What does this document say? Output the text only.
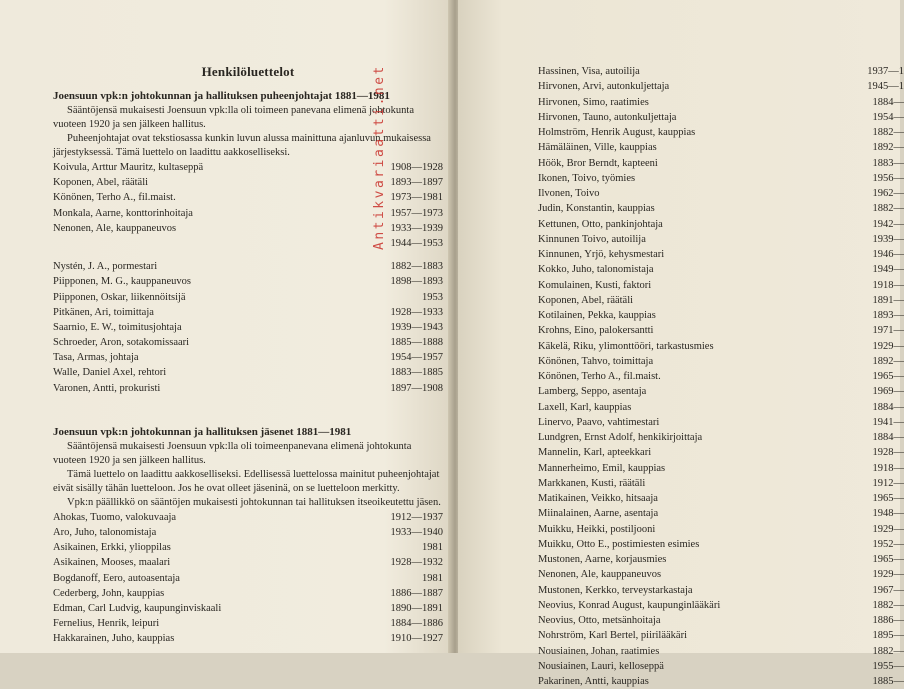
Henkilöluettelot
Joensuun vpk:n johtokunnan ja hallituksen puheenjohtajat 1881—1981

Sääntöjensä mukaisesti Joensuun vpk:lla oli toimeen panevana elimenä johtokunta vuoteen 1920 ja sen jälkeen hallitus.

Puheenjohtajat ovat tekstiosassa kunkin luvun alussa mainittuna ajanluvun mukaisessa järjestyksessä. Tämä luettelo on laadittu aakkoselliseksi.

Koivula, Arttur Mauritz, kultaseppä	1908—1928
Koponen, Abel, räätäli	1893—1897
Könönen, Terho A., fil.maist.	1973—1981
Monkala, Aarne, konttorinhoitaja	1957—1973
Nenonen, Ale, kauppaneuvos	1933—1939
1944—1953
Nystén, J. A., pormestari	1882—1883
Piipponen, M. G., kauppaneuvos	1898—1893
Piipponen, Oskar, liikennöitsijä	1953
Pitkänen, Ari, toimittaja	1928—1933
Saarnio, E. W., toimitusjohtaja	1939—1943
Schroeder, Aron, sotakomissaari	1885—1888
Tasa, Armas, johtaja	1954—1957
Walle, Daniel Axel, rehtori	1883—1885
Varonen, Antti, prokuristi	1897—1908
Joensuun vpk:n johtokunnan ja hallituksen jäsenet 1881—1981

Sääntöjensä mukaisesti Joensuun vpk:lla oli toimeenpanevana elimenä johtokunta vuoteen 1920 ja sen jälkeen hallitus.

Tämä luettelo on laadittu aakkoselliseksi. Edellisessä luettelossa mainitut puheenjohtajat eivät sisälly tähän luetteloon. Jos he ovat olleet jäseninä, on se luetteloon merkitty.

Vpk:n päällikkö on sääntöjen mukaisesti johtokunnan tai hallituksen itseoikeutettu jäsen.

Ahokas, Tuomo, valokuvaaja	1912—1937
Aro, Juho, talonomistaja	1933—1940
Asikainen, Erkki, ylioppilas	1981
Asikainen, Mooses, maalari	1928—1932
Bogdanoff, Eero, autoasentaja	1981
Cederberg, John, kauppias	1886—1887
Edman, Carl Ludvig, kaupunginviskaali	1890—1891
Fernelius, Henrik, leipuri	1884—1886
Hakkarainen, Juho, kauppias	1910—1927
Antikvariaatti.net	Hassinen, Visa, autoilija	1937—1
Hirvonen, Arvi, autonkuljettaja	1945—1
Hirvonen, Simo, raatimies	1884—
Hirvonen, Tauno, autonkuljettaja	1954—
Holmström, Henrik August, kauppias	1882—
Hämäläinen, Ville, kauppias	1892—
Höök, Bror Berndt, kapteeni	1883—
Ikonen, Toivo, työmies	1956—
Ilvonen, Toivo	1962—
Judin, Konstantin, kauppias	1882—
Kettunen, Otto, pankinjohtaja	1942—
Kinnunen Toivo, autoilija	1939—
Kinnunen, Yrjö, kehysmestari	1946—
Kokko, Juho, talonomistaja	1949—
Komulainen, Kusti, faktori	1918—
Koponen, Abel, räätäli	1891—
Kotilainen, Pekka, kauppias	1893—
Krohns, Eino, palokersantti	1971—
Käkelä, Riku, ylimonttööri, tarkastusmies	1929—
Könönen, Tahvo, toimittaja	1892—
Könönen, Terho A., fil.maist.	1965—
Lamberg, Seppo, asentaja	1969—
Laxell, Karl, kauppias	1884—
Linervo, Paavo, vahtimestari	1941—
Lundgren, Ernst Adolf, henkikirjoittaja	1884—
Mannelin, Karl, apteekkari	1928—
Mannerheimo, Emil, kauppias	1918—
Markkanen, Kusti, räätäli	1912—
Matikainen, Veikko, hitsaaja	1965—
Miinalainen, Aarne, asentaja	1948—
Muikku, Heikki, postiljooni	1929—
Muikku, Otto E., postimiesten esimies	1952—
Mustonen, Aarne, korjausmies	1965—
Nenonen, Ale, kauppaneuvos	1929—
Mustonen, Kerkko, terveystarkastaja	1967—
Neovius, Konrad August, kaupunginlääkäri	1882—
Neovius, Otto, metsänhoitaja	1886—
Nohrström, Karl Bertel, piirilääkäri	1895—
Nousiainen, Johan, raatimies	1882—
Nousiainen, Lauri, kelloseppä	1955—
Pakarinen, Antti, kauppias	1885—
